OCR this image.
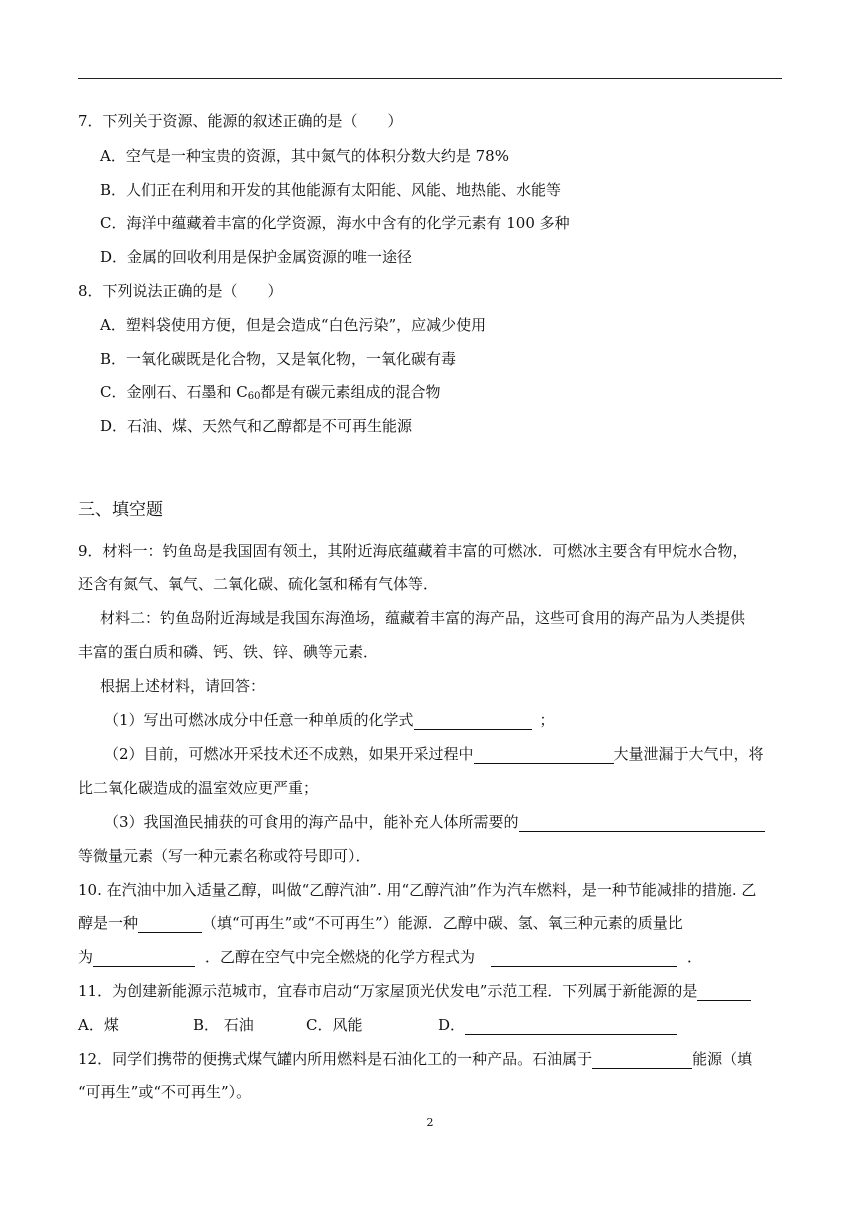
7．下列关于资源、能源的叙述正确的是（　　）
A．空气是一种宝贵的资源，其中氮气的体积分数大约是 78%
B．人们正在利用和开发的其他能源有太阳能、风能、地热能、水能等
C．海洋中蕴藏着丰富的化学资源，海水中含有的化学元素有 100 多种
D．金属的回收利用是保护金属资源的唯一途径
8．下列说法正确的是（　　）
A．塑料袋使用方便，但是会造成“白色污染”，应减少使用
B．一氧化碳既是化合物，又是氧化物，一氧化碳有毒
C．金刚石、石墨和 $C_{60}$都是有碳元素组成的混合物
D．石油、煤、天然气和乙醇都是不可再生能源
三、填空题
9．材料一：钓鱼岛是我国固有领土，其附近海底蕴藏着丰富的可燃冰．可燃冰主要含有甲烷水合物，
还含有氮气、氧气、二氧化碳、硫化氢和稀有气体等．
材料二：钓鱼岛附近海域是我国东海渔场，蕴藏着丰富的海产品，这些可食用的海产品为人类提供
丰富的蛋白质和磷、钙、铁、锌、碘等元素．
根据上述材料，请回答：
（1）写出可燃冰成分中任意一种单质的化学式	；
（2）目前，可燃冰开采技术还不成熟，如果开采过程中	大量泄漏于大气中，将
比二氧化碳造成的温室效应更严重；
（3）我国渔民捕获的可食用的海产品中，能补充人体所需要的
等微量元素（写一种元素名称或符号即可）．
10. 在汽油中加入适量乙醇，叫做“乙醇汽油”. 用“乙醇汽油”作为汽车燃料，是一种节能减排的措施. 乙
醇是一种	（填“可再生”或“不可再生”）能源．乙醇中碳、氢、氧三种元素的质量比
为	．乙醇在空气中完全燃烧的化学方程式为	．
11．为创建新能源示范城市，宜春市启动“万家屋顶光伏发电”示范工程．下列属于新能源的是
A．煤	B． 石油	C．风能	D．
12．同学们携带的便携式煤气罐内所用燃料是石油化工的一种产品。石油属于	能源（填
“可再生”或“不可再生”）。
2
